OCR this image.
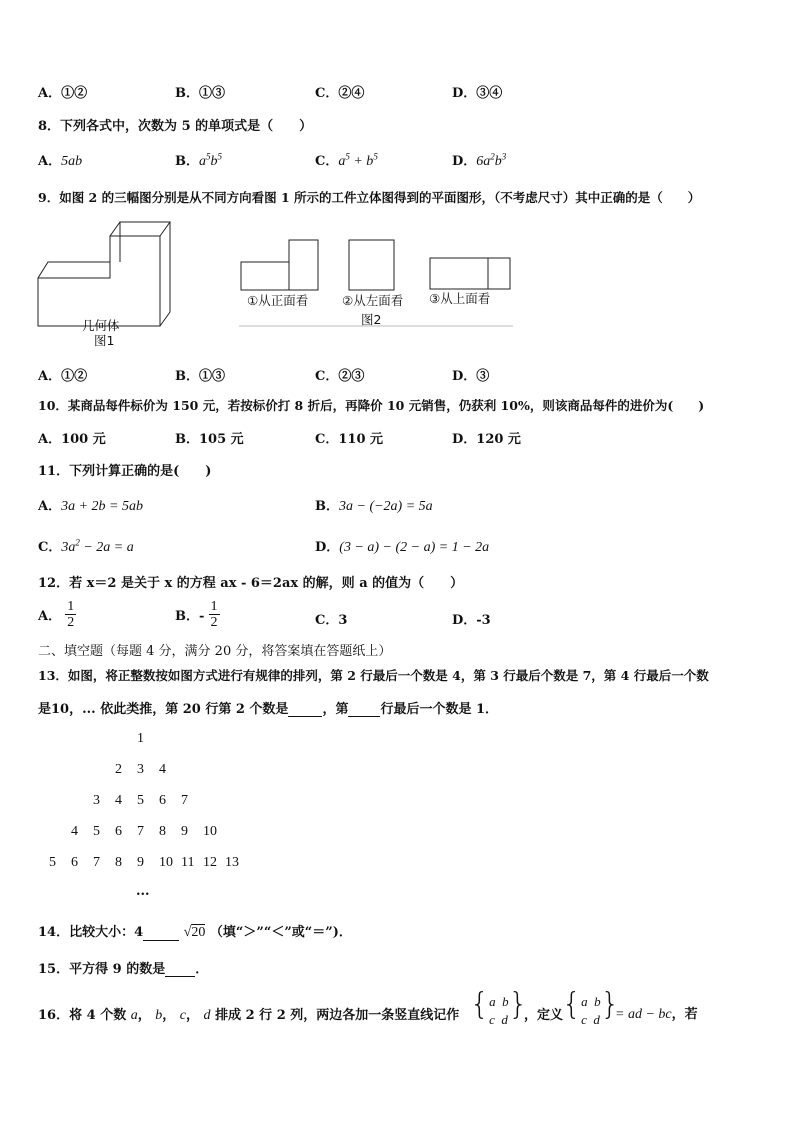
A．①②	B．①③	C．②④	D．③④
8．下列各式中，次数为 5 的单项式是（　　）
A．5ab	B．$a^5b^5$	C．$a^5 + b^5$	D．$6a^2b^3$
9．如图 2 的三幅图分别是从不同方向看图 1 所示的工件立体图得到的平面图形，（不考虑尺寸）其中正确的是（　　）
几何体
图1
①从正面看	②从左面看 ③从上面看
图2
A．①②	B．①③	C．②③	D．③
10．某商品每件标价为 150 元，若按标价打 8 折后，再降价 10 元销售，仍获利 10%，则该商品每件的进价为(　　)
A．100 元	B．105 元	C．110 元	D．120 元
11．下列计算正确的是(　　)
A．3a + 2b = 5ab	B．3a − (−2a) = 5a
C．$3a^2 - 2a = a$	D．(3 − a) − (2 − a) = 1 − 2a
12．若 x＝2 是关于 x 的方程 ax - 6＝2ax 的解，则 a 的值为（　　）
A． $\frac{1}{2}$	B．- $\frac{1}{2}$	C．3	D．-3
二、填空题（每题 4 分，满分 20 分，将答案填在答题纸上）
13．如图，将正整数按如图方式进行有规律的排列，第 2 行最后一个数是 4，第 3 行最后个数是 7，第 4 行最后一个数
是10，... 依此类推，第 20 行第 2 个数是	，第 行最后一个数是 1．
1
2 3 4
3 4 5 6 7
4 5 6 7 8 9 10
5 6 7 8 9 10 11 12 13
...
14．比较大小：4	√20 （填“＞”“＜”或“＝”)．
15．平方得 9 的数是 ．
16．将 4 个数 a， b， c， d 排成 2 行 2 列，两边各加一条竖直线记作 {a b
c d}
，定义
{a b
c d}
= ad − bc，若
